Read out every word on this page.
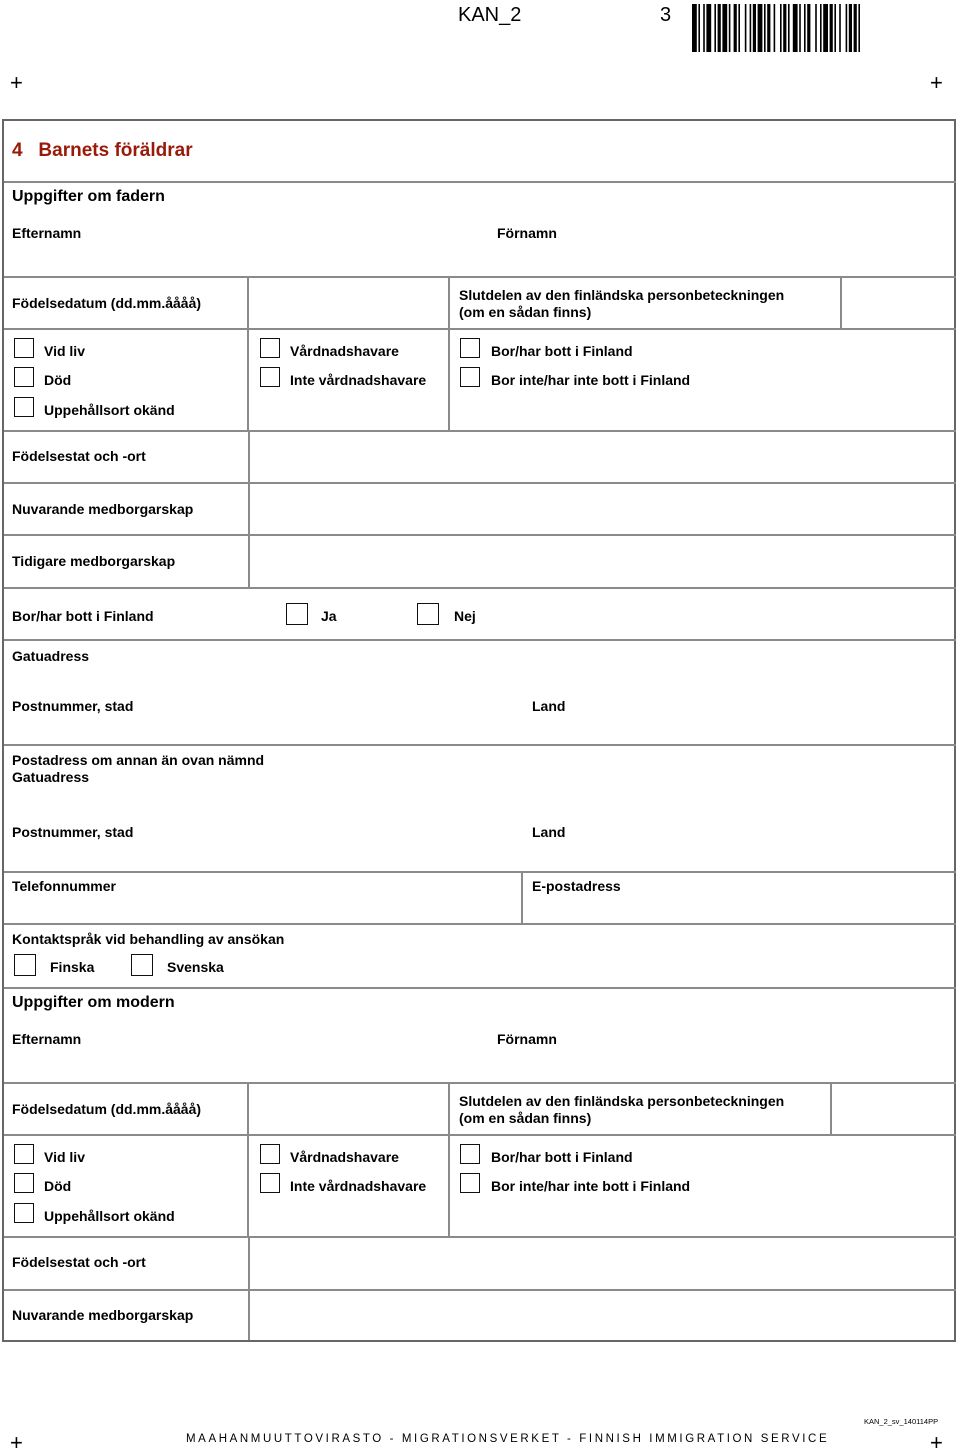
KAN_2	3
+	+
+	+
4 Barnets föräldrar
Uppgifter om fadern
Efternamn	Förnamn
Födelsedatum (dd.mm.åååå)	Slutdelen av den finländska personbeteckningen
(om en sådan finns)
Vid liv
Död
Uppehållsort okänd
Vårdnadshavare
Inte vårdnadshavare
Bor/har bott i Finland
Bor inte/har inte bott i Finland
Födelsestat och -ort
Nuvarande medborgarskap
Tidigare medborgarskap
Bor/har bott i Finland	Ja	Nej
Gatuadress
Postnummer, stad	Land
Postadress om annan än ovan nämnd
Gatuadress
Postnummer, stad	Land
Telefonnummer	E-postadress
Kontaktspråk vid behandling av ansökan
Finska	Svenska
Uppgifter om modern
Efternamn	Förnamn
Födelsedatum (dd.mm.åååå)	Slutdelen av den finländska personbeteckningen
(om en sådan finns)
Vid liv
Död
Uppehållsort okänd
Vårdnadshavare
Inte vårdnadshavare
Bor/har bott i Finland
Bor inte/har inte bott i Finland
Födelsestat och -ort
Nuvarande medborgarskap
KAN_2_sv_140114PP
MAAHANMUUTTOVIRASTO - MIGRATIONSVERKET - FINNISH IMMIGRATION SERVICE
